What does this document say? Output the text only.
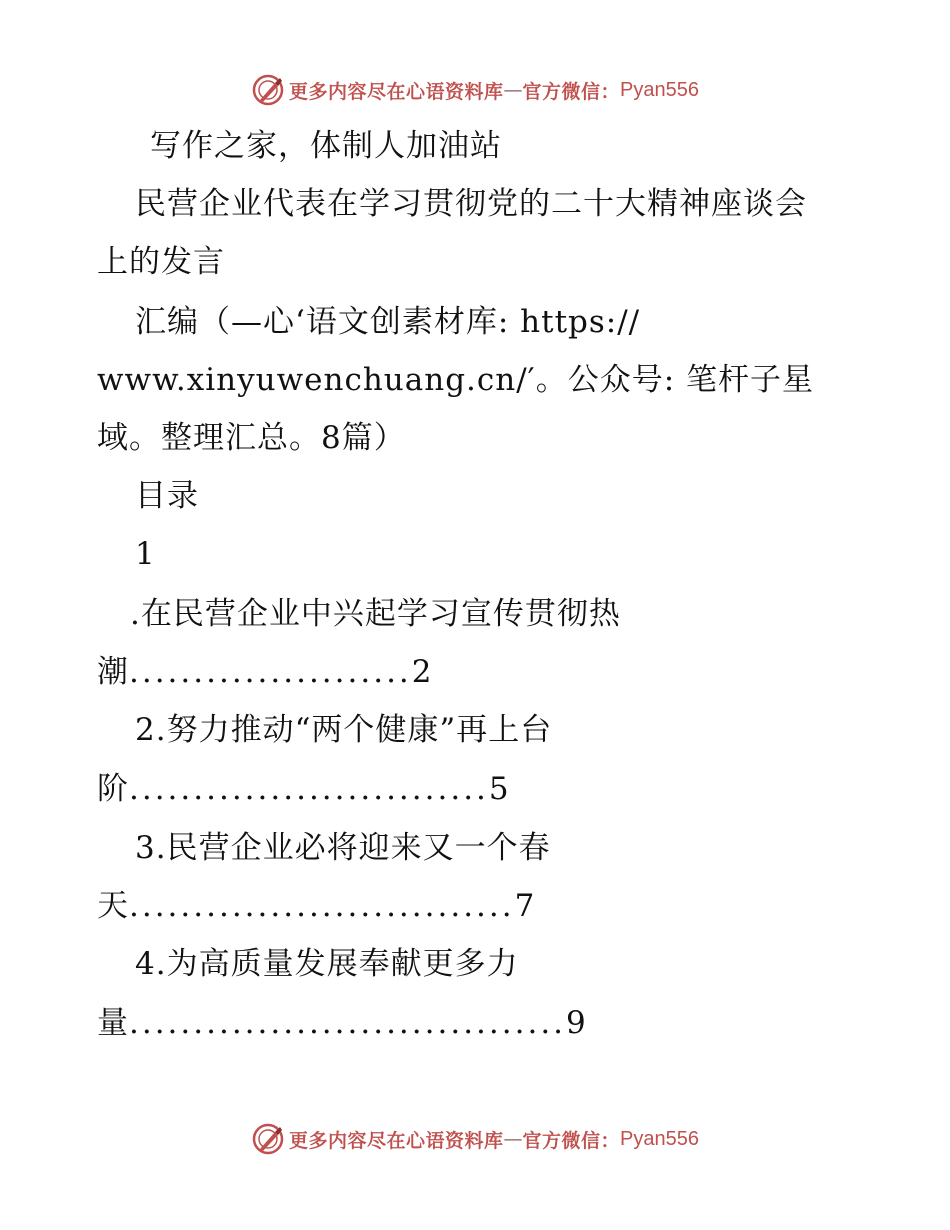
更多内容尽在心语资料库 — 官方微信： Pyan556
写作之家，体制人加油站
民营企业代表在学习贯彻党的二十大精神座谈会
上的发言
汇编（—心‘语文创素材库: https://
www.xinyuwenchuang.cn/′。公众号: 笔杆子星
域。整理汇总。8篇）
目录
1
.在民营企业中兴起学习宣传贯彻热
潮......................2
2.努力推动“两个健康”再上台
阶............................5
3.民营企业必将迎来又一个春
天..............................7
4.为高质量发展奉献更多力
量..................................9
更多内容尽在心语资料库 — 官方微信： Pyan556
